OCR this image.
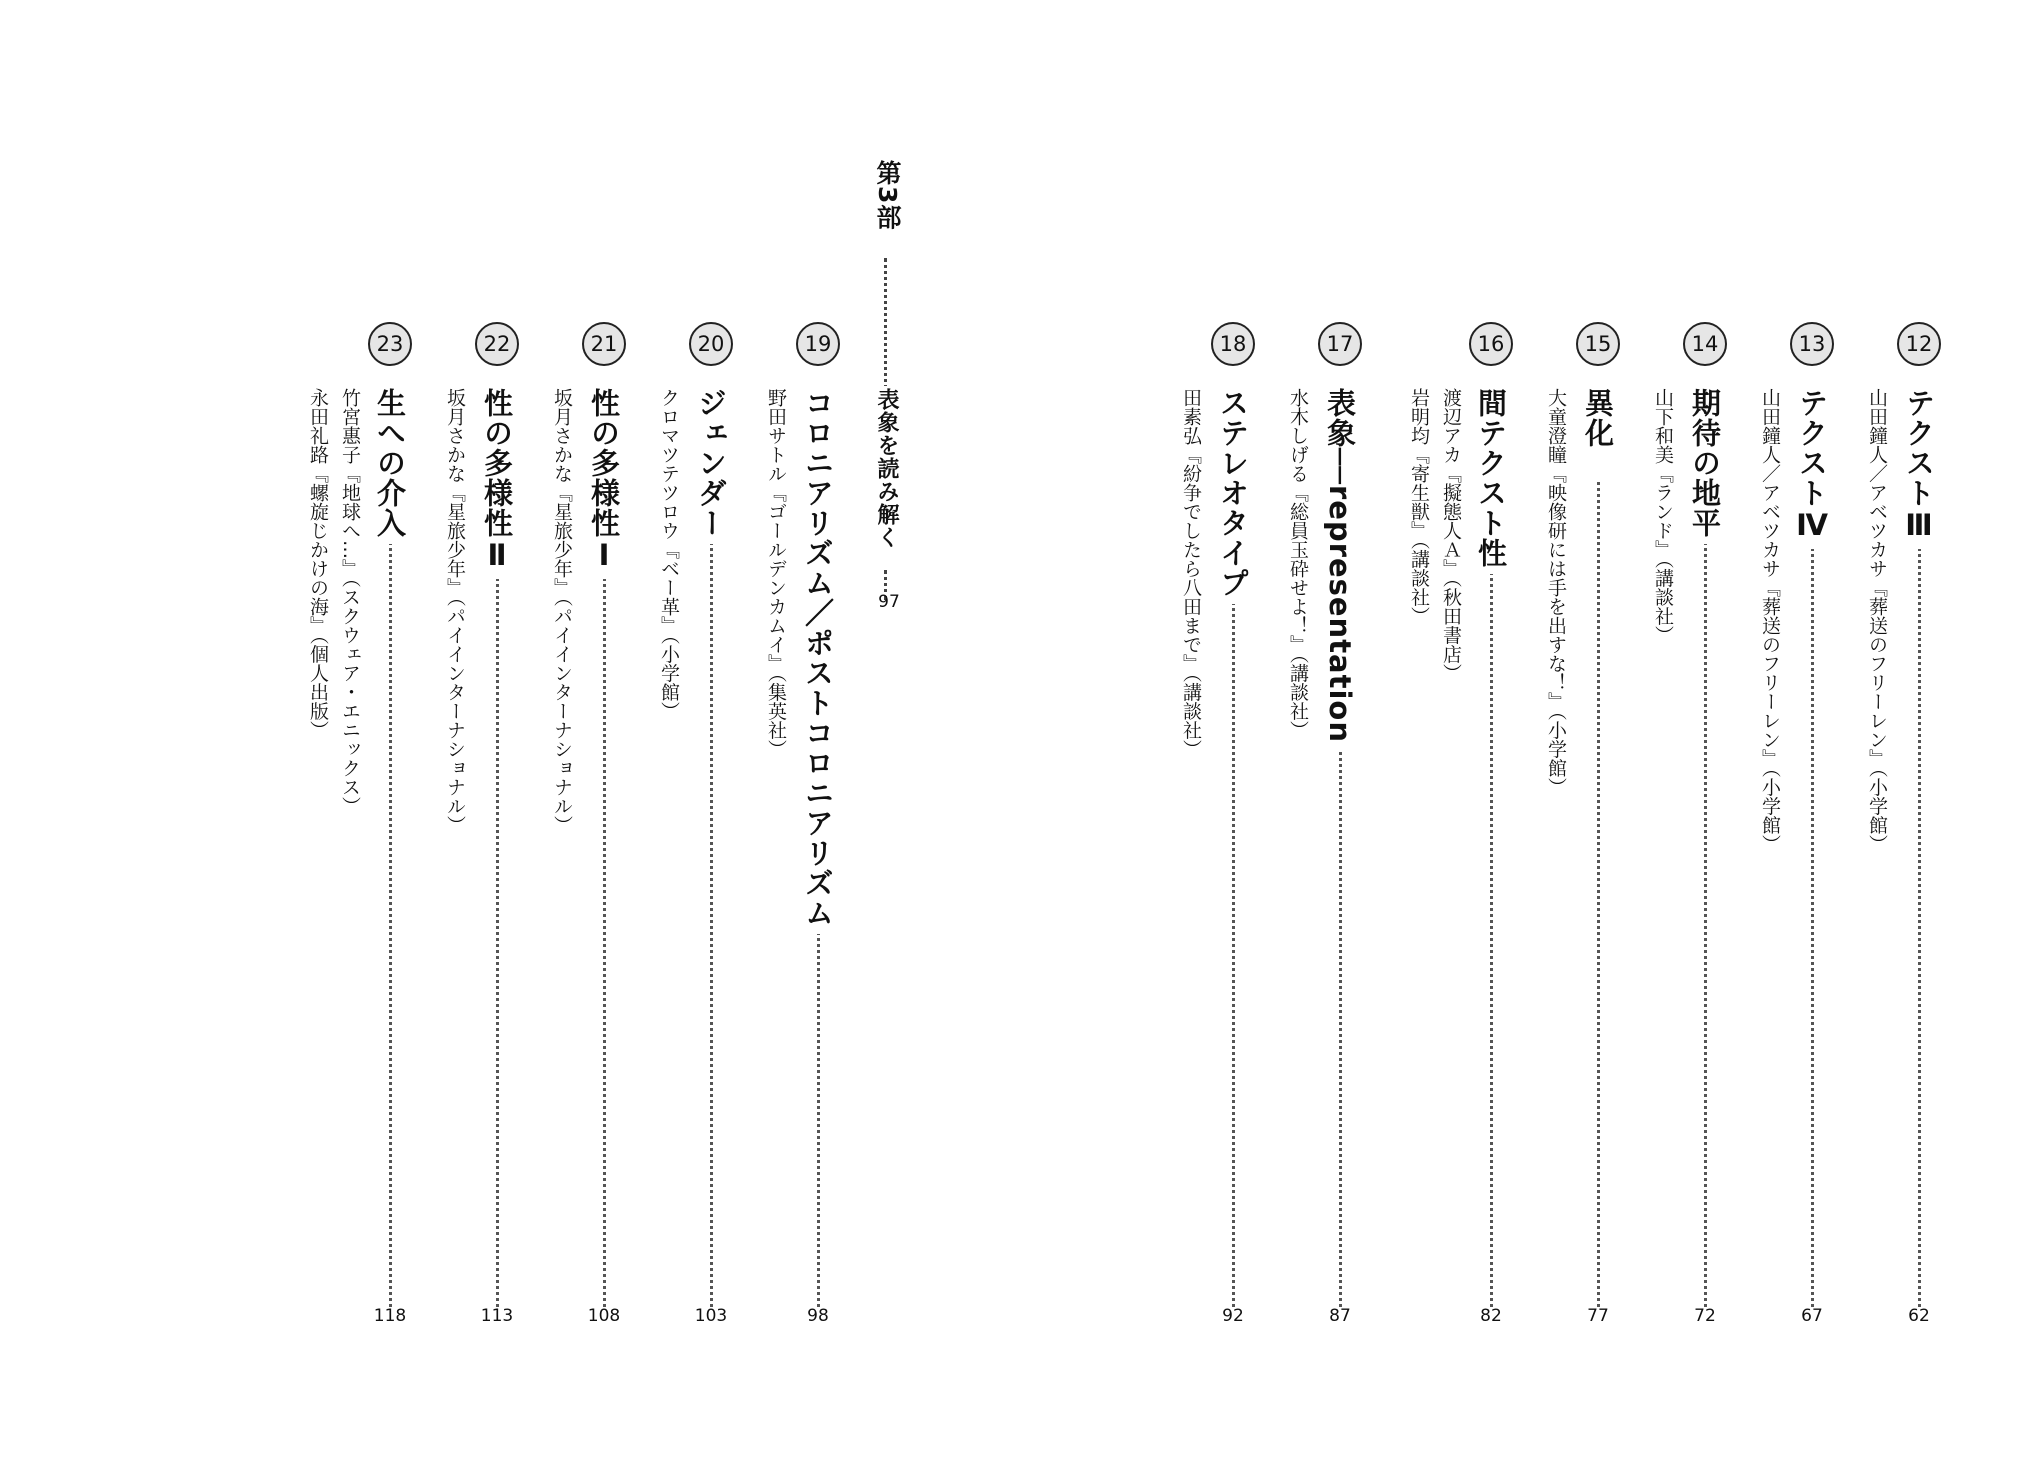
第3部
表象を読み解く
97
12
テクストⅢ
山田鐘人／アベツカサ『葬送のフリーレン』（小学館）
62
13
テクストⅣ
山田鐘人／アベツカサ『葬送のフリーレン』（小学館）
67
14
期待の地平
山下和美『ランド』（講談社）
72
15
異化
大童澄瞳『映像研には手を出すな！』（小学館）
77
16
間テクスト性
渡辺アカ『擬態人Ａ』（秋田書店）
岩明均『寄生獣』（講談社）
82
17
表象──representation
水木しげる『総員玉砕せよ！』（講談社）
87
18
ステレオタイプ
田素弘『紛争でしたら八田まで』（講談社）
92
19
コロニアリズム／ポストコロニアリズム
野田サトル『ゴールデンカムイ』（集英社）
98
20
ジェンダー
クロマツテツロウ『ベー革』（小学館）
103
21
性の多様性Ⅰ
坂月さかな『星旅少年』（パイインターナショナル）
108
22
性の多様性Ⅱ
坂月さかな『星旅少年』（パイインターナショナル）
113
23
生への介入
竹宮惠子『地球へ…』（スクウェア・エニックス）
永田礼路『螺旋じかけの海』（個人出版）
118
